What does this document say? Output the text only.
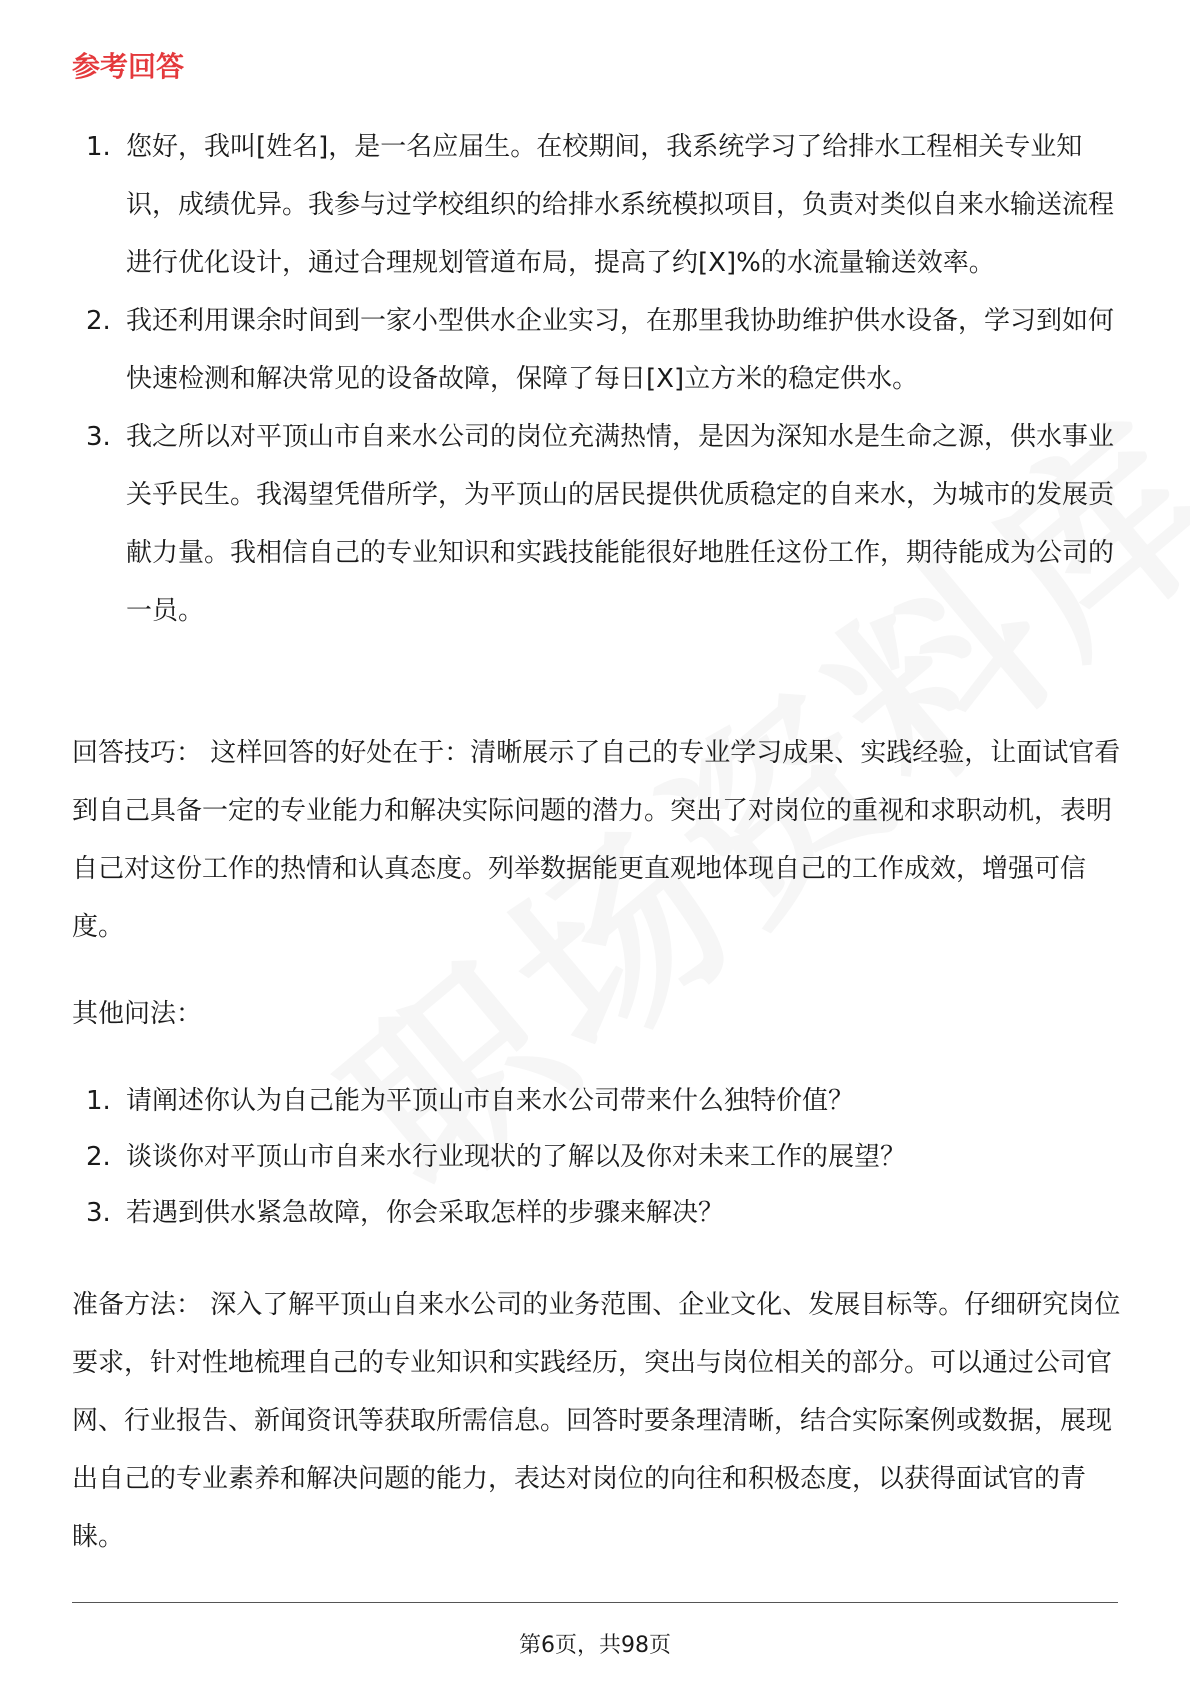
参考回答
1. 您好，我叫[姓名]，是一名应届生。在校期间，我系统学习了给排水工程相关专业知识，成绩优异。我参与过学校组织的给排水系统模拟项目，负责对类似自来水输送流程进行优化设计，通过合理规划管道布局，提高了约[X]%的水流量输送效率。
2. 我还利用课余时间到一家小型供水企业实习，在那里我协助维护供水设备，学习到如何快速检测和解决常见的设备故障，保障了每日[X]立方米的稳定供水。
3. 我之所以对平顶山市自来水公司的岗位充满热情，是因为深知水是生命之源，供水事业关乎民生。我渴望凭借所学，为平顶山的居民提供优质稳定的自来水，为城市的发展贡献力量。我相信自己的专业知识和实践技能能很好地胜任这份工作，期待能成为公司的一员。

回答技巧： 这样回答的好处在于：清晰展示了自己的专业学习成果、实践经验，让面试官看到自己具备一定的专业能力和解决实际问题的潜力。突出了对岗位的重视和求职动机，表明自己对这份工作的热情和认真态度。列举数据能更直观地体现自己的工作成效，增强可信度。

其他问法：

1. 请阐述你认为自己能为平顶山市自来水公司带来什么独特价值？
2. 谈谈你对平顶山市自来水行业现状的了解以及你对未来工作的展望？
3. 若遇到供水紧急故障，你会采取怎样的步骤来解决？

准备方法： 深入了解平顶山自来水公司的业务范围、企业文化、发展目标等。仔细研究岗位要求，针对性地梳理自己的专业知识和实践经历，突出与岗位相关的部分。可以通过公司官网、行业报告、新闻资讯等获取所需信息。回答时要条理清晰，结合实际案例或数据，展现出自己的专业素养和解决问题的能力，表达对岗位的向往和积极态度，以获得面试官的青睐。

第6页，共98页
